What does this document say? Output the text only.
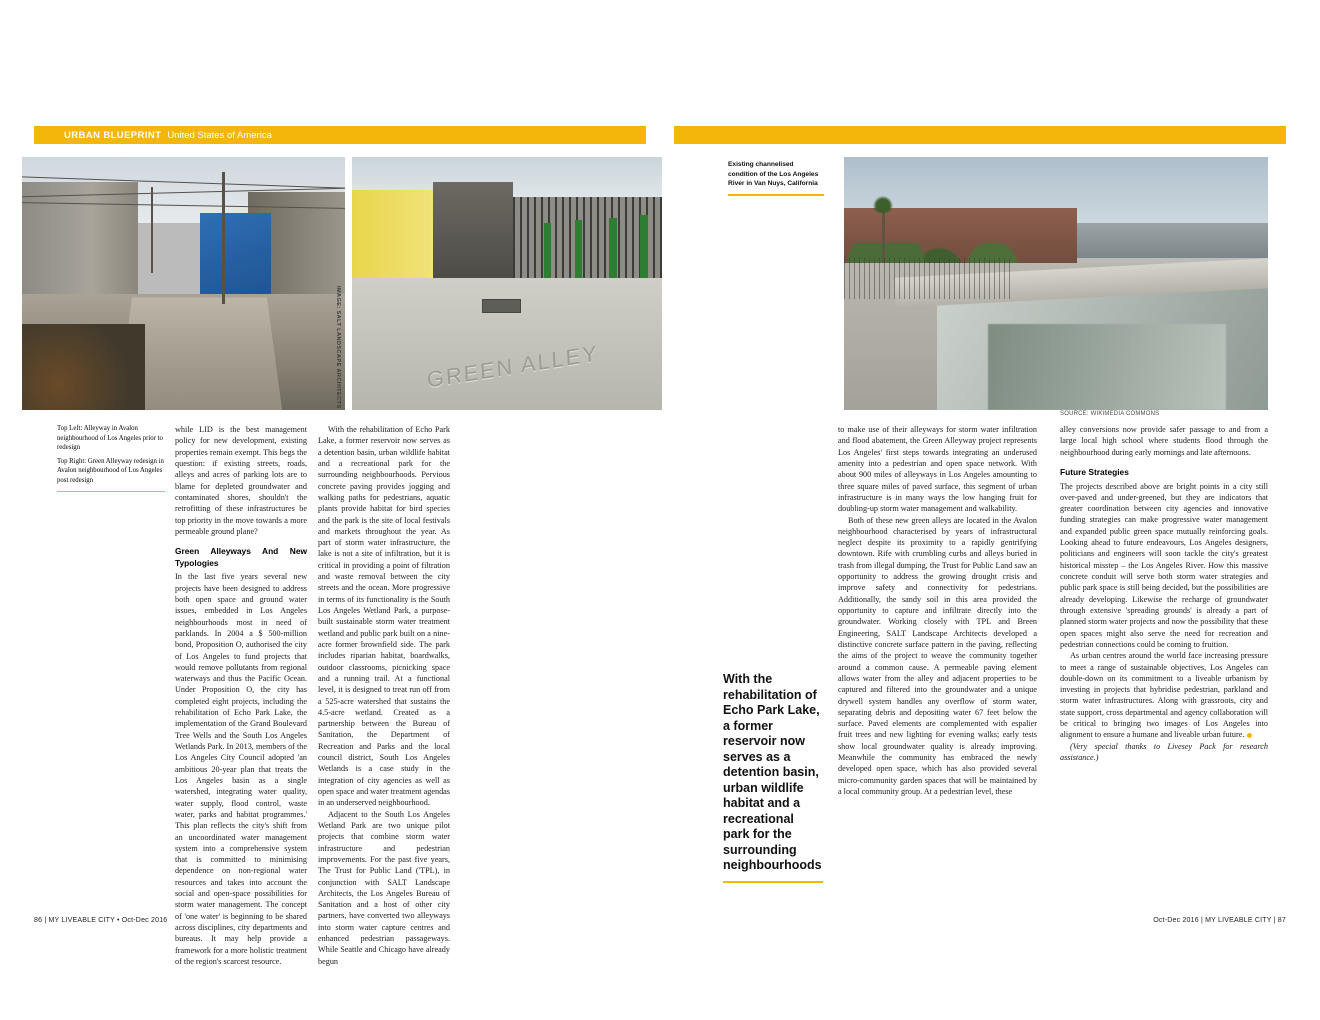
URBAN BLUEPRINT United States of America
GREEN ALLEY
IMAGE: SALT LANDSCAPE ARCHITECTS
SOURCE: WIKIMEDIA COMMONS

Existing channelised condition of the Los Angeles River in Van Nuys, California

Top Left: Alleyway in Avalon neighbourhood of Los Angeles prior to redesign
Top Right: Green Alleyway redesign in Avalon neighbourhood of Los Angeles post redesign

while LID is the best management policy for new development, existing properties remain exempt. This begs the question: if existing streets, roads, alleys and acres of parking lots are to blame for depleted groundwater and contaminated shores, shouldn't the retrofitting of these infrastructures be top priority in the move towards a more permeable ground plane?

Green Alleyways And New Typologies

In the last five years several new projects have been designed to address both open space and ground water issues, embedded in Los Angeles neighbourhoods most in need of parklands. In 2004 a $ 500-million bond, Proposition O, authorised the city of Los Angeles to fund projects that would remove pollutants from regional waterways and thus the Pacific Ocean. Under Proposition O, the city has completed eight projects, including the rehabilitation of Echo Park Lake, the implementation of the Grand Boulevard Tree Wells and the South Los Angeles Wetlands Park. In 2013, members of the Los Angeles City Council adopted 'an ambitious 20-year plan that treats the Los Angeles basin as a single watershed, integrating water quality, water supply, flood control, waste water, parks and habitat programmes.' This plan reflects the city's shift from an uncoordinated water management system into a comprehensive system that is committed to minimising dependence on non-regional water resources and takes into account the social and open-space possibilities for storm water management. The concept of 'one water' is beginning to be shared across disciplines, city departments and bureaus. It may help provide a framework for a more holistic treatment of the region's scarcest resource.

With the rehabilitation of Echo Park Lake, a former reservoir now serves as a detention basin, urban wildlife habitat and a recreational park for the surrounding neighbourhoods. Pervious concrete paving provides jogging and walking paths for pedestrians, aquatic plants provide habitat for bird species and the park is the site of local festivals and markets throughout the year. As part of storm water infrastructure, the lake is not a site of infiltration, but it is critical in providing a point of filtration and waste removal between the city streets and the ocean. More progressive in terms of its functionality is the South Los Angeles Wetland Park, a purpose-built sustainable storm water treatment wetland and public park built on a nine-acre former brownfield side. The park includes riparian habitat, boardwalks, outdoor classrooms, picnicking space and a running trail. At a functional level, it is designed to treat run off from a 525-acre watershed that sustains the 4.5-acre wetland. Created as a partnership between the Bureau of Sanitation, the Department of Recreation and Parks and the local council district, South Los Angeles Wetlands is a case study in the integration of city agencies as well as open space and water treatment agendas in an underserved neighbourhood.

Adjacent to the South Los Angeles Wetland Park are two unique pilot projects that combine storm water infrastructure and pedestrian improvements. For the past five years, The Trust for Public Land ('TPL), in conjunction with SALT Landscape Architects, the Los Angeles Bureau of Sanitation and a host of other city partners, have converted two alleyways into storm water capture centres and enhanced pedestrian passageways. While Seattle and Chicago have already begun

With the rehabilitation of Echo Park Lake, a former reservoir now serves as a detention basin, urban wildlife habitat and a recreational park for the surrounding neighbourhoods

to make use of their alleyways for storm water infiltration and flood abatement, the Green Alleyway project represents Los Angeles' first steps towards integrating an underused amenity into a pedestrian and open space network. With about 900 miles of alleyways in Los Angeles amounting to three square miles of paved surface, this segment of urban infrastructure is in many ways the low hanging fruit for doubling-up storm water management and walkability.

Both of these new green alleys are located in the Avalon neighbourhood characterised by years of infrastructural neglect despite its proximity to a rapidly gentrifying downtown. Rife with crumbling curbs and alleys buried in trash from illegal dumping, the Trust for Public Land saw an opportunity to address the growing drought crisis and improve safety and connectivity for pedestrians. Additionally, the sandy soil in this area provided the opportunity to capture and infiltrate directly into the groundwater. Working closely with TPL and Breen Engineering, SALT Landscape Architects developed a distinctive concrete surface pattern in the paving, reflecting the aims of the project to weave the community together around a common cause. A permeable paving element allows water from the alley and adjacent properties to be captured and filtered into the groundwater and a unique drywell system handles any overflow of storm water, separating debris and depositing water 67 feet below the surface. Paved elements are complemented with espalier fruit trees and new lighting for evening walks; early tests show local groundwater quality is already improving. Meanwhile the community has embraced the newly developed open space, which has also provided several micro-community garden spaces that will be maintained by a local community group. At a pedestrian level, these

alley conversions now provide safer passage to and from a large local high school where students flood through the neighbourhood during early mornings and late afternoons.

Future Strategies

The projects described above are bright points in a city still over-paved and under-greened, but they are indicators that greater coordination between city agencies and innovative funding strategies can make progressive water management and expanded public green space mutually reinforcing goals. Looking ahead to future endeavours, Los Angeles designers, politicians and engineers will soon tackle the city's greatest historical misstep – the Los Angeles River. How this massive concrete conduit will serve both storm water strategies and public park space is still being decided, but the possibilities are already developing. Likewise the recharge of groundwater through extensive 'spreading grounds' is already a part of planned storm water projects and now the possibility that these open spaces might also serve the need for recreation and pedestrian connections could be coming to fruition.

As urban centres around the world face increasing pressure to meet a range of sustainable objectives, Los Angeles can double-down on its commitment to a liveable urbanism by investing in projects that hybridise pedestrian, parkland and storm water infrastructures. Along with grassroots, city and state support, cross departmental and agency collaboration will be critical to bringing two images of Los Angeles into alignment to ensure a humane and liveable urban future.

(Very special thanks to Livesey Pack for research assistance.)

86 | MY LIVEABLE CITY • Oct-Dec 2016	Oct-Dec 2016 | MY LIVEABLE CITY | 87
